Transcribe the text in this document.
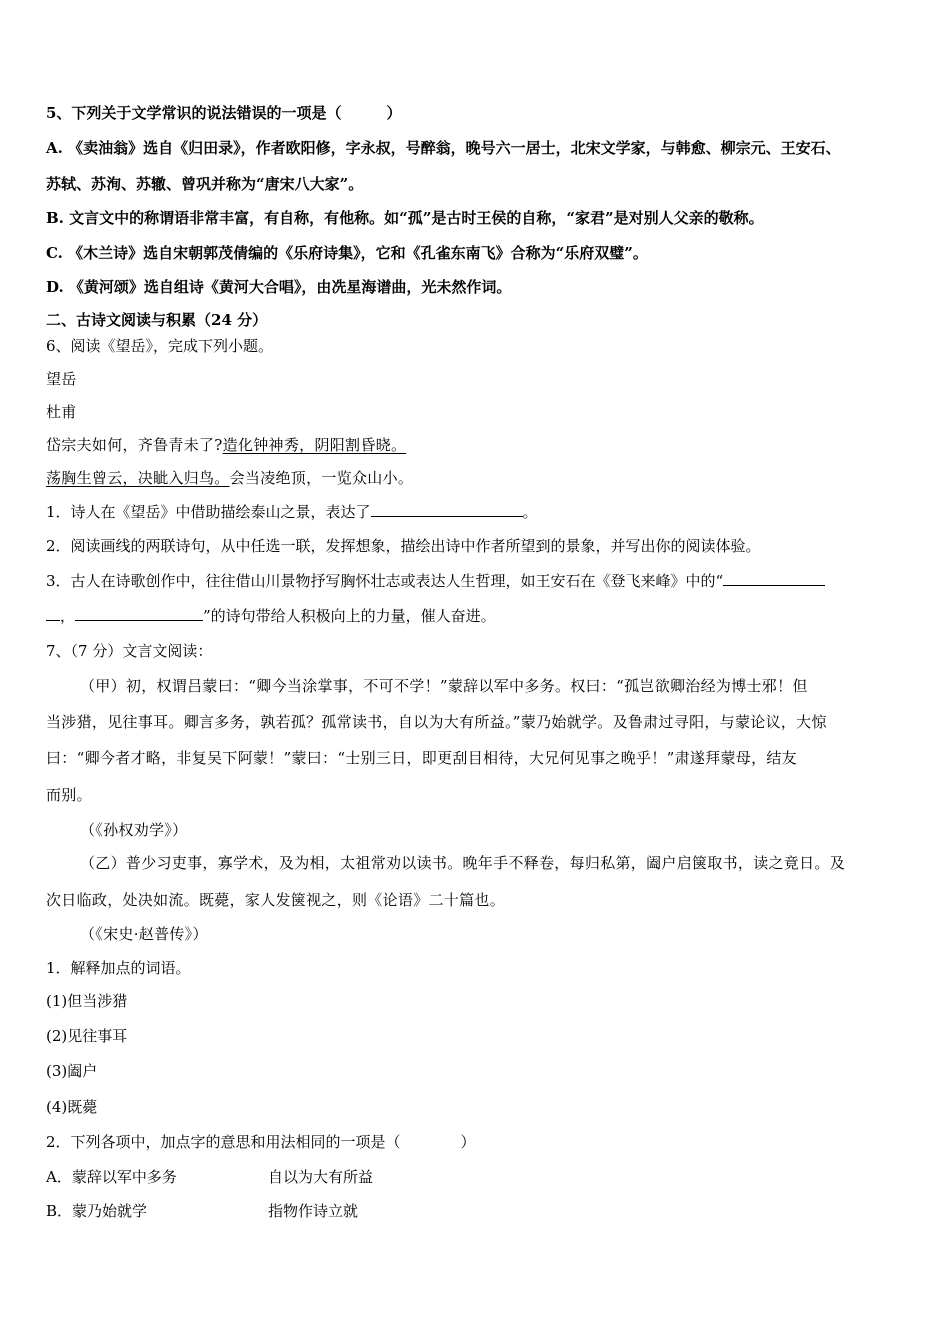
5、下列关于文学常识的说法错误的一项是（　　　）
A. 《卖油翁》选自《归田录》，作者欧阳修，字永叔，号醉翁，晚号六一居士，北宋文学家，与韩愈、柳宗元、王安石、
苏轼、苏洵、苏辙、曾巩并称为“唐宋八大家”。
B. 文言文中的称谓语非常丰富，有自称，有他称。如“孤”是古时王侯的自称，“家君”是对别人父亲的敬称。
C. 《木兰诗》选自宋朝郭茂倩编的《乐府诗集》，它和《孔雀东南飞》合称为“乐府双璧”。
D. 《黄河颂》选自组诗《黄河大合唱》，由冼星海谱曲，光未然作词。
二、古诗文阅读与积累（24 分）
6、阅读《望岳》，完成下列小题。
望岳
杜甫
岱宗夫如何，齐鲁青未了?造化钟神秀，阴阳割昏晓。
荡胸生曾云，决眦入归鸟。会当凌绝顶，一览众山小。
1．诗人在《望岳》中借助描绘泰山之景，表达了	。
2．阅读画线的两联诗句，从中任选一联，发挥想象，描绘出诗中作者所望到的景象，并写出你的阅读体验。
3．古人在诗歌创作中，往往借山川景物抒写胸怀壮志或表达人生哲理，如王安石在《登飞来峰》中的“
，	”的诗句带给人积极向上的力量，催人奋进。
7、（7 分）文言文阅读：
（甲）初，权谓吕蒙曰：“卿今当涂掌事，不可不学！”蒙辞以军中多务。权曰：“孤岂欲卿治经为博士邪！但
当涉猎，见往事耳。卿言多务，孰若孤？孤常读书，自以为大有所益。”蒙乃始就学。及鲁肃过寻阳，与蒙论议，大惊
曰：“卿今者才略，非复吴下阿蒙！”蒙曰：“士别三日，即更刮目相待，大兄何见事之晚乎！”肃遂拜蒙母，结友
而别。
（《孙权劝学》）
（乙）普少习吏事，寡学术，及为相，太祖常劝以读书。晚年手不释卷，每归私第，阖户启箧取书，读之竟日。及
次日临政，处决如流。既薨，家人发箧视之，则《论语》二十篇也。
（《宋史·赵普传》）
1．解释加点的词语。
(1)但当涉猎
(2)见往事耳
(3)阖户
(4)既薨
2．下列各项中，加点字的意思和用法相同的一项是（　　　　）
A．蒙辞以军中多务	自以为大有所益
B．蒙乃始就学	指物作诗立就
